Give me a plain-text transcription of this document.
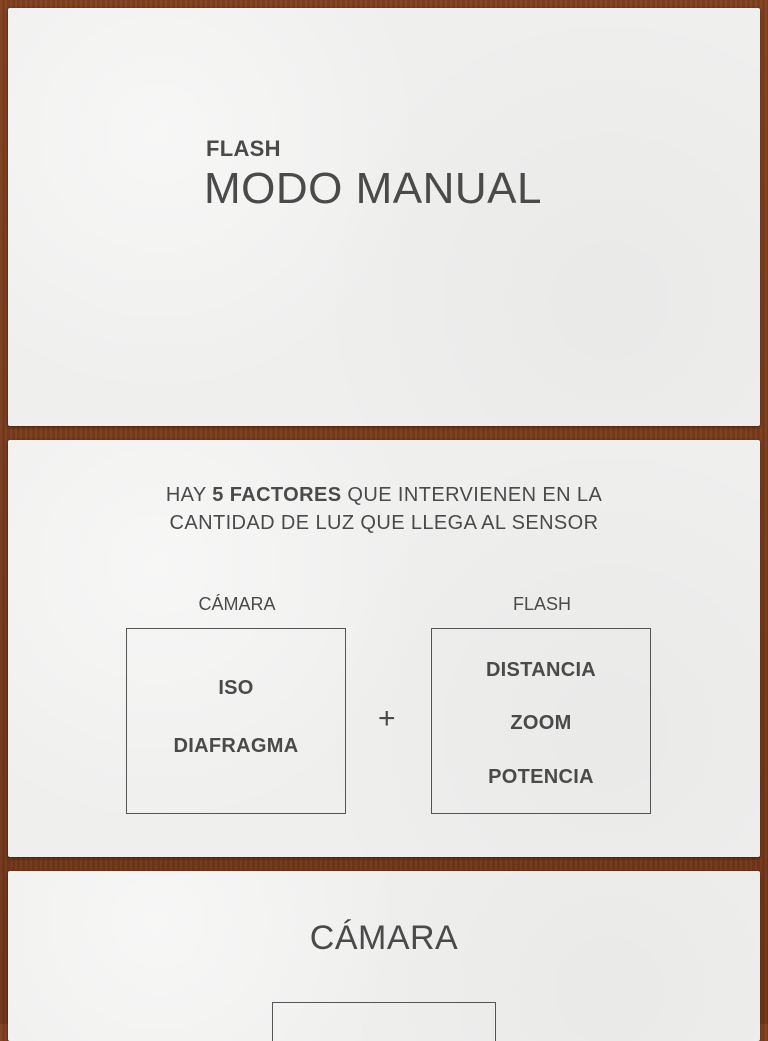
FLASH
MODO MANUAL
HAY 5 FACTORES QUE INTERVIENEN EN LA
CANTIDAD DE LUZ QUE LLEGA AL SENSOR
CÁMARA	FLASH
ISO
DIAFRAGMA
+
DISTANCIA
ZOOM
POTENCIA
CÁMARA
